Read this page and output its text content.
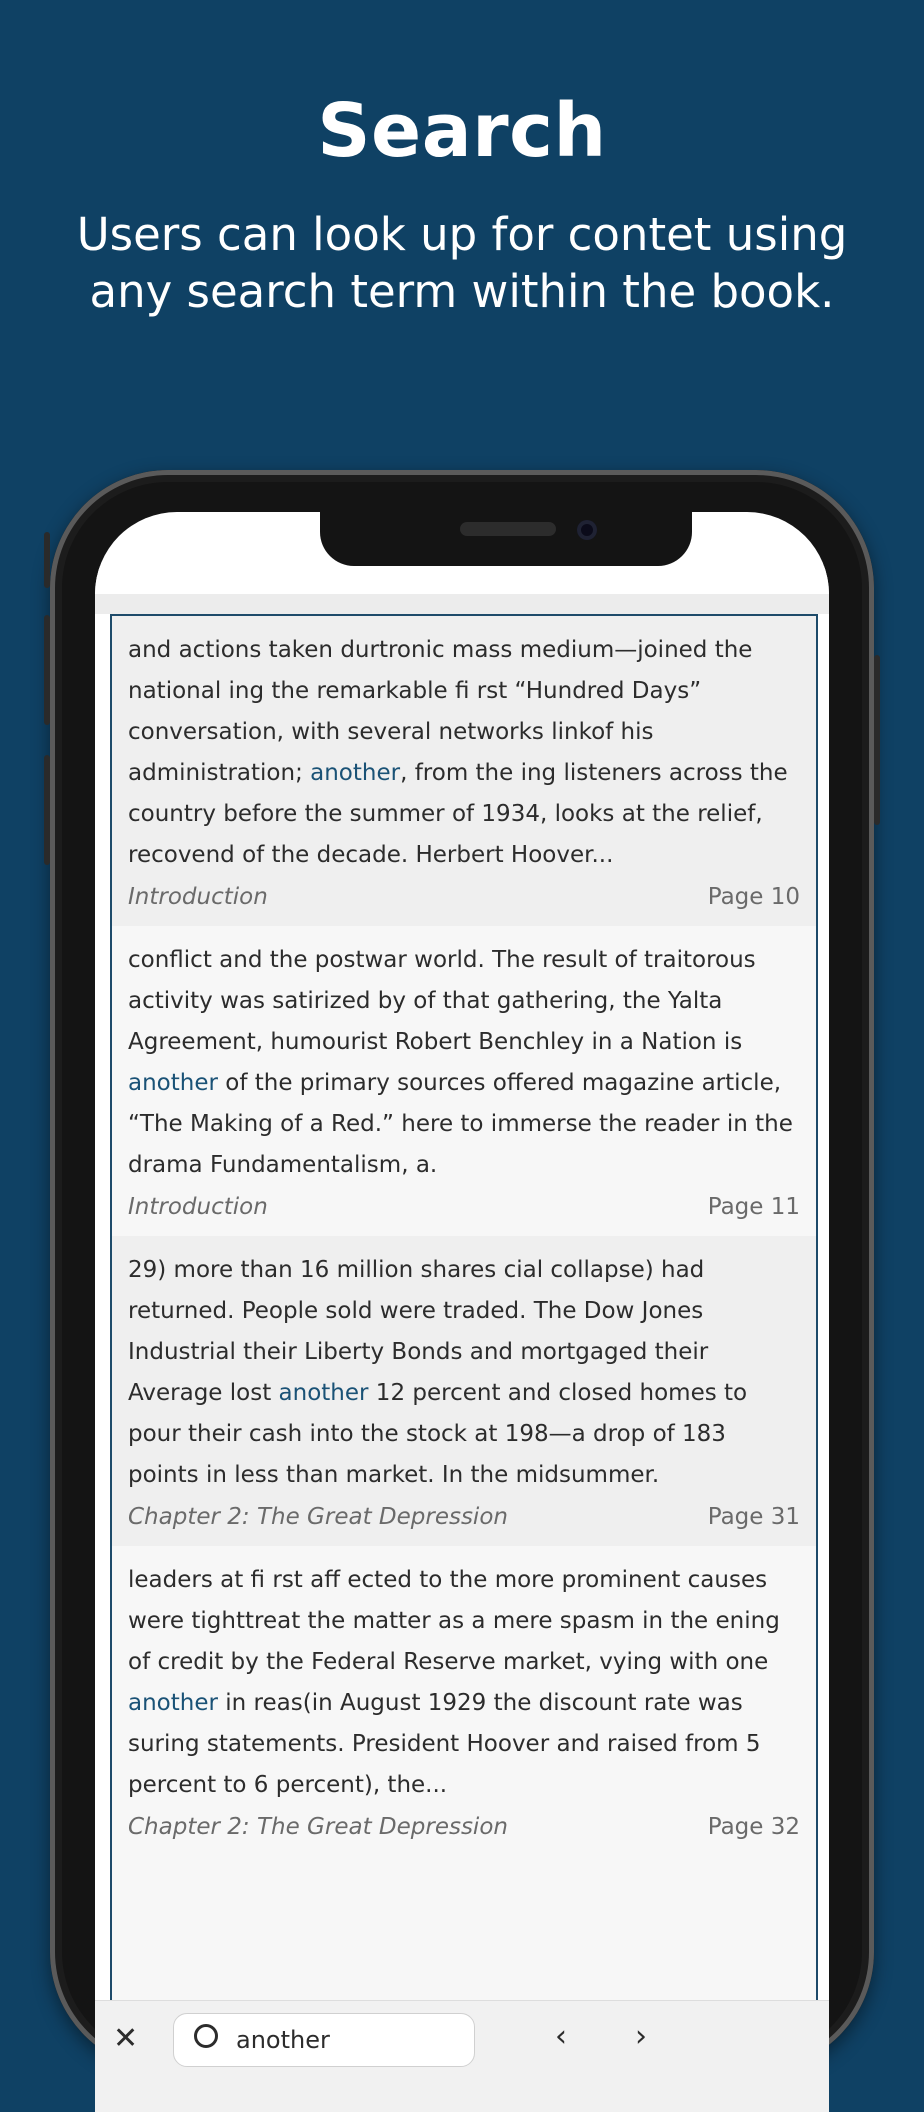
Search
Users can look up for contet using any search term within the book.

and actions taken durtronic mass medium—joined the national ing the remarkable fi rst “Hundred Days” conversation, with several networks linkof his administration; another, from the ing listeners across the country before the summer of 1934, looks at the relief, recovend of the decade. Herbert Hoover...

Introduction	Page 10

conflict and the postwar world. The result of traitorous activity was satirized by of that gathering, the Yalta Agreement, humourist Robert Benchley in a Nation is another of the primary sources offered magazine article, “The Making of a Red.” here to immerse the reader in the drama Fundamentalism, a.

Introduction	Page 11

29) more than 16 million shares cial collapse) had returned. People sold were traded. The Dow Jones Industrial their Liberty Bonds and mortgaged their Average lost another 12 percent and closed homes to pour their cash into the stock at 198—a drop of 183 points in less than market. In the midsummer.

Chapter 2: The Great Depression	Page 31

leaders at fi rst aff ected to the more prominent causes were tighttreat the matter as a mere spasm in the ening of credit by the Federal Reserve market, vying with one another in reas(in August 1929 the discount rate was suring statements. President Hoover and raised from 5 percent to 6 percent), the...

Chapter 2: The Great Depression	Page 32
✕	another	‹ ›
